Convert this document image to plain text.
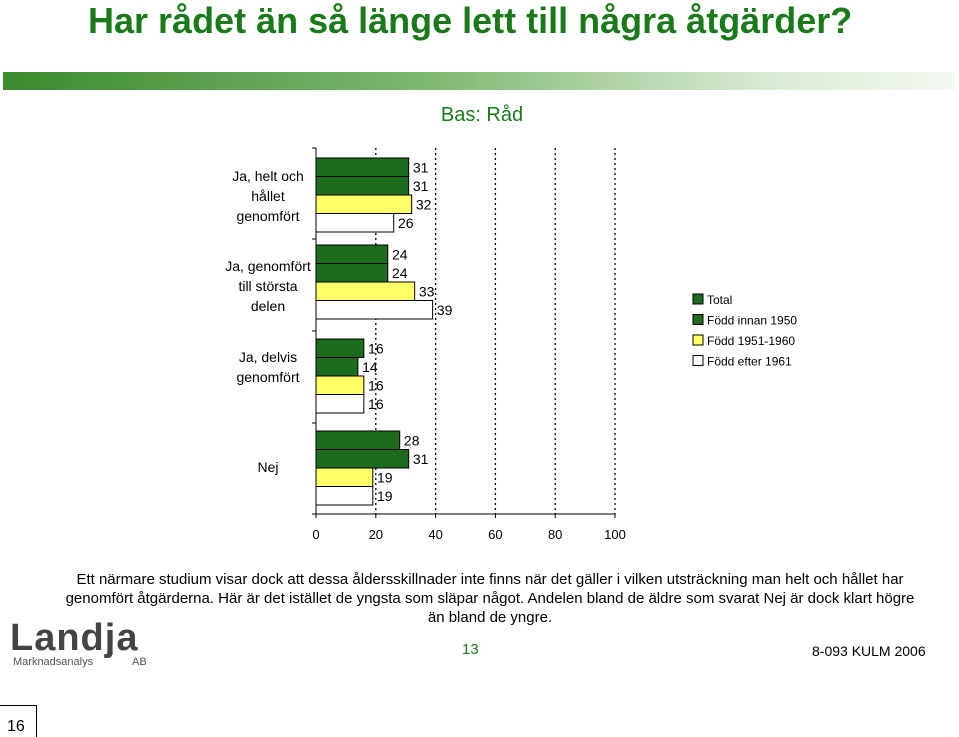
Har rådet än så länge lett till några åtgärder?
Bas: Råd
31
31
32
26
24
24
33
39
16
14
16
16
28
31
19
19
Ja, helt och
hållet
genomfört
Ja, genomfört
till största
delen
Ja, delvis
genomfört
Nej
0	20	40	60	80	100
Total
Född innan 1950
Född 1951-1960
Född efter 1961
Ett närmare studium visar dock att dessa åldersskillnader inte finns när det gäller i vilken utsträckning man helt och hållet har genomfört åtgärderna. Här är det istället de yngsta som släpar något. Andelen bland de äldre som svarat Nej är dock klart högre än bland de yngre.
Landja
Marknadsanalys	AB
13	8-093 KULM 2006
16
